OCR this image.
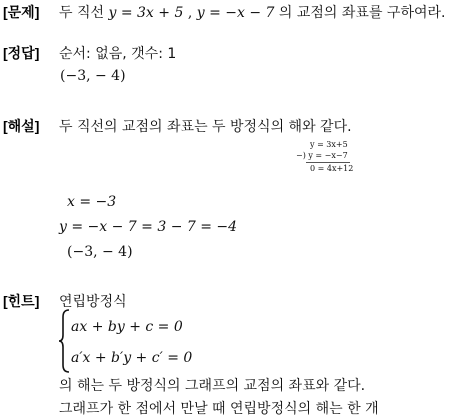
[문제] 두 직선 y = 3x + 5 , y = −x − 7 의 교점의 좌표를 구하여라.
[정답] 순서: 없음, 갯수: 1
(−3, − 4)
[해설] 두 직선의 교점의 좌표는 두 방정식의 해와 같다.
y = 3x+5
−) y = −x−7
0 = 4x+12
x = −3
y = −x − 7 = 3 − 7 = −4
(−3, − 4)
[힌트] 연립방정식
ax + by + c = 0
a′x + b′y + c′ = 0
의 해는 두 방정식의 그래프의 교점의 좌표와 같다.
그래프가 한 점에서 만날 때 연립방정식의 해는 한 개
